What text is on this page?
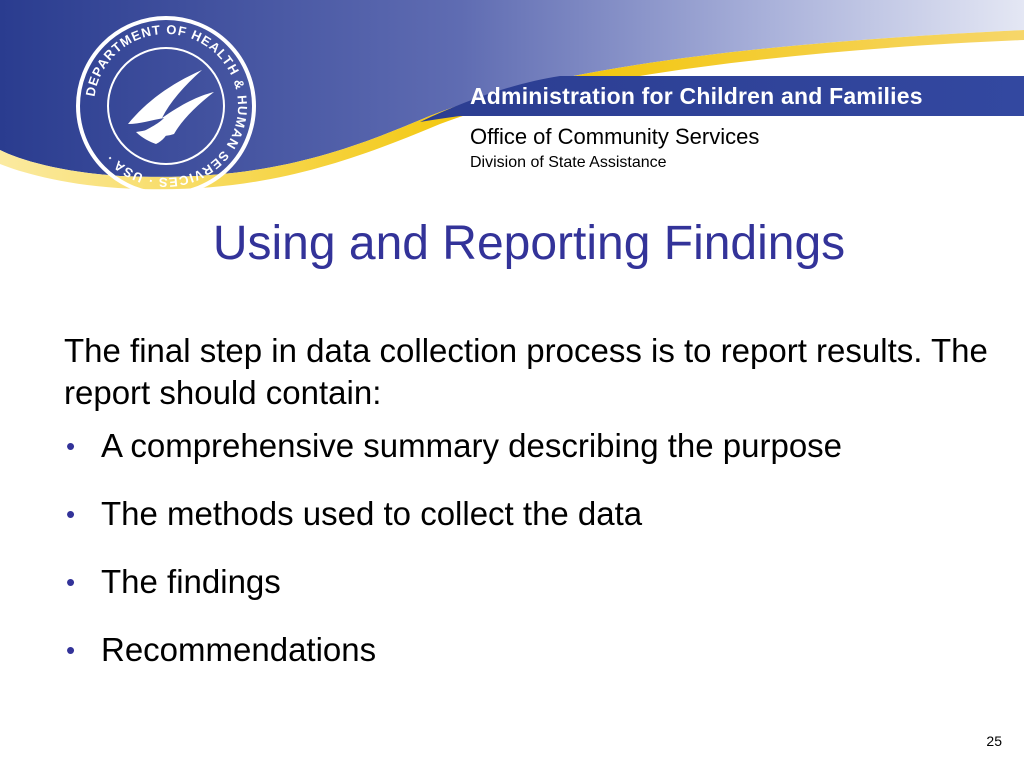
DEPARTMENT OF HEALTH & HUMAN SERVICES · USA ·
Administration for Children and Families
Office of Community Services
Division of State Assistance
Using and Reporting Findings
The final step in data collection process is to report results. The report should contain:
• A comprehensive summary describing the purpose
• The methods used to collect the data
• The findings
• Recommendations
25
